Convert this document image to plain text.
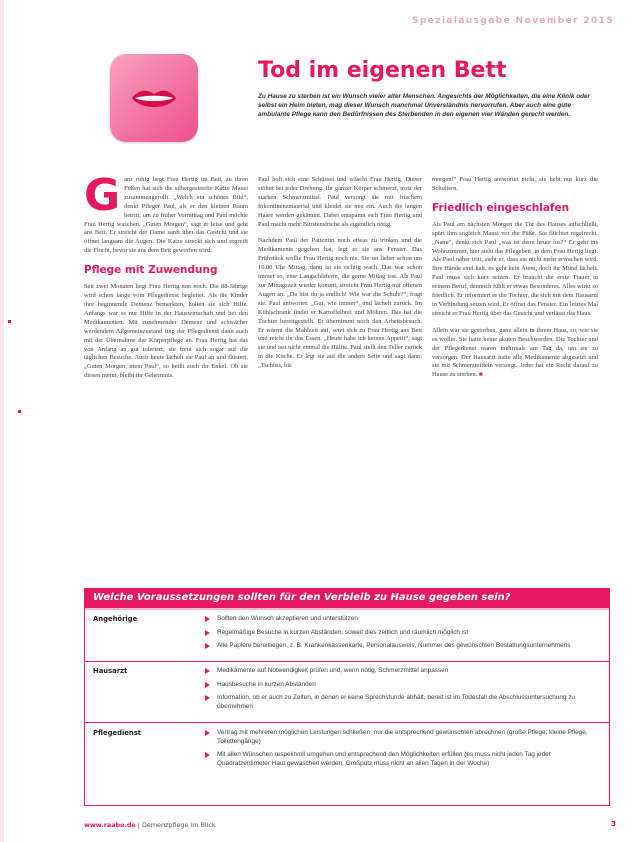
Spezialausgabe November 2015
Tod im eigenen Bett
Zu Hause zu sterben ist ein Wunsch vieler alter Menschen. Angesichts der Möglichkeiten, die eine Klinik oder selbst ein Heim bieten, mag dieser Wunsch manchmal Unverständnis hervorrufen. Aber auch eine gute ambulante Pflege kann den Bedürfnissen des Sterbenden in den eigenen vier Wänden gerecht werden.
G anz ruhig liegt Frau Hertig im Bett, zu ihren Füßen hat sich die silbergestreifte Katze Mausi zusammengerollt. „Welch ein schönes Bild“, denkt Pfleger Paul, als er den kleinen Raum betritt, um zu früher Vormittag und Paul möchte Frau Hertig waschen. „Guten Morgen“, sagt er leise und geht ans Bett. Er streicht der Dame sanft über das Gesicht und sie öffnet langsam die Augen. Die Katze streckt sich und ergreift die Flucht, bevor sie aus dem Bett geworfen wird.

Pflege mit Zuwendung

Seit zwei Monaten liegt Frau Hertig nun noch. Die 88-Jährige wird schon lange vom Pflegedienst begleitet. Als die Kinder ihre beginnende Demenz bemerkten, holten sie sich Hilfe. Anfangs war es nur Hilfe in der Hauswirtschaft und bei den Medikamenten. Mit zunehmender Demenz und schwächer werdendem Allgemeinzustand fing der Pflegedienst dann auch mit der Übernahme der Körperpflege an. Frau Hertig hat das von Anfang an gut toleriert, sie freut sich sogar auf die täglichen Besuche. Auch heute lächelt sie Paul an und flüstert: „Guten Morgen, mein Paul“, so heißt auch ihr Enkel. Ob sie diesen meint, bleibt ihr Geheimnis.

Paul holt sich eine Schüssel und wäscht Frau Hertig. Dieser stöhnt bei jeder Drehung. Ihr ganzer Körper schmerzt, trotz der starken Schmerzmittel. Paul versorgt sie mit frischem Inkontinenzmaterial und kleidet sie neu ein. Auch die langen Haare werden gekämmt. Dabei entspannt sich Frau Hertig und Paul macht mehr Bürstenstriche als eigentlich nötig.

Nachdem Paul der Patientin noch etwas zu trinken und die Medikamente gegeben hat, legt er sie ans Fenster. Das Frühstück wollte Frau Hertig noch nie. Sie sei lieber schon um 10.00 Uhr Mittag, dann ist sie richtig wach. Das war schon immer so, eine Langschläferin, die gerne Mittag isst. Als Paul zur Mittagszeit wieder kommt, streicht Frau Hertig mit offenen Augen an. „Da bist du ja endlich! Wie war die Schule?“, fragt sie. Paul antwortet: „Gut, wie immer“, und lächelt zurück. Im Kühlschrank findet er Kartoffelbrei und Möhren. Das hat die Tochter bereitgestellt. Er übernimmt noch den Arbeitsbesuch. Er wärmt die Mahlzeit auf, setzt sich zu Frau Hertig ans Bett und reicht ihr das Essen. „Heute habe ich keinen Appetit“, sagt sie und isst nicht einmal die Hälfte. Paul stellt den Teller zurück in die Küche. Er legt sie auf die andere Seite und sagt dann: „Tschüss, bis

morgen!“ Frau Hertig antwortet nicht, sie hebt nur kurz die Schultern.

Friedlich eingeschlafen

Als Paul am nächsten Morgen die Tür des Hauses aufschließt, spürt ihm sogleich Mausi vor die Füße. Sie flüchtet regelrecht. „Nanu“, denkt sich Paul „was ist denn heute los?“ Er geht ins Wohnzimmer, hier steht das Pflegebett, in dem Frau Hertig liegt. Als Paul näher tritt, sieht er, dass sie nicht mehr erwachen wird. Ihre Hände sind kalt, es geht kein Atem, doch ihr Mund lächelt. Paul muss sich kurz setzen. Er braucht die erste Trauer in seinem Beruf, dennoch fühlt er etwas Besonderes. Alles wirkt so friedlich. Er informiert er die Tochter, die sich mit dem Hausarzt in Verbindung setzen wird. Er öffnet das Fenster. Ein letztes Mal streicht er Frau Hertig über das Gesicht und verlässt das Haus.

Allein war sie gestorben, ganz allein in ihrem Haus, so, wie sie es wollte. Sie hatte keine akuten Beschwerden. Die Tochter und der Pflegedienst waren mehrmals am Tag da, um sie zu versorgen. Der Hausarzt hatte alle Medikamente abgesetzt und sie mit Schmerzmitteln versorgt. Jeder hat ein Recht darauf zu Hause zu sterben. ■

Welche Voraussetzungen sollten für den Verbleib zu Hause gegeben sein?
Angehörige	Sollten den Wunsch akzeptieren und unterstützen
Regelmäßige Besuche in kurzen Abständen, soweit dies zeitlich und räumlich möglich ist
Alle Papiere bereitliegen, z. B. Krankenkassenkarte, Personalausweis, Nummer des gewünschten Bestattungsunternehmens
Hausarzt	Medikamente auf Notwendigkeit prüfen und, wenn nötig, Schmerzmittel anpassen
Hausbesuche in kurzen Abständen
Information, ob er auch zu Zeiten, in denen er keine Sprechstunde abhält, bereit ist im Todesfall die Abschlussuntersuchung zu übernehmen
Pflegedienst	Vertrag mit mehreren möglichen Leistungen schließen, nur die entsprechend gewünschten abrechnen (große Pflege, kleine Pflege, Toilettengänge)
Mit allen Wünschen respektvoll umgehen und entsprechend den Möglichkeiten erfüllen (es muss nicht jeden Tag jeder Quadratzentimeter Haut gewaschen werden; Großputz muss nicht an allen Tagen in der Woche)
www.raabe.de | Demenzpflege im Blick	3
